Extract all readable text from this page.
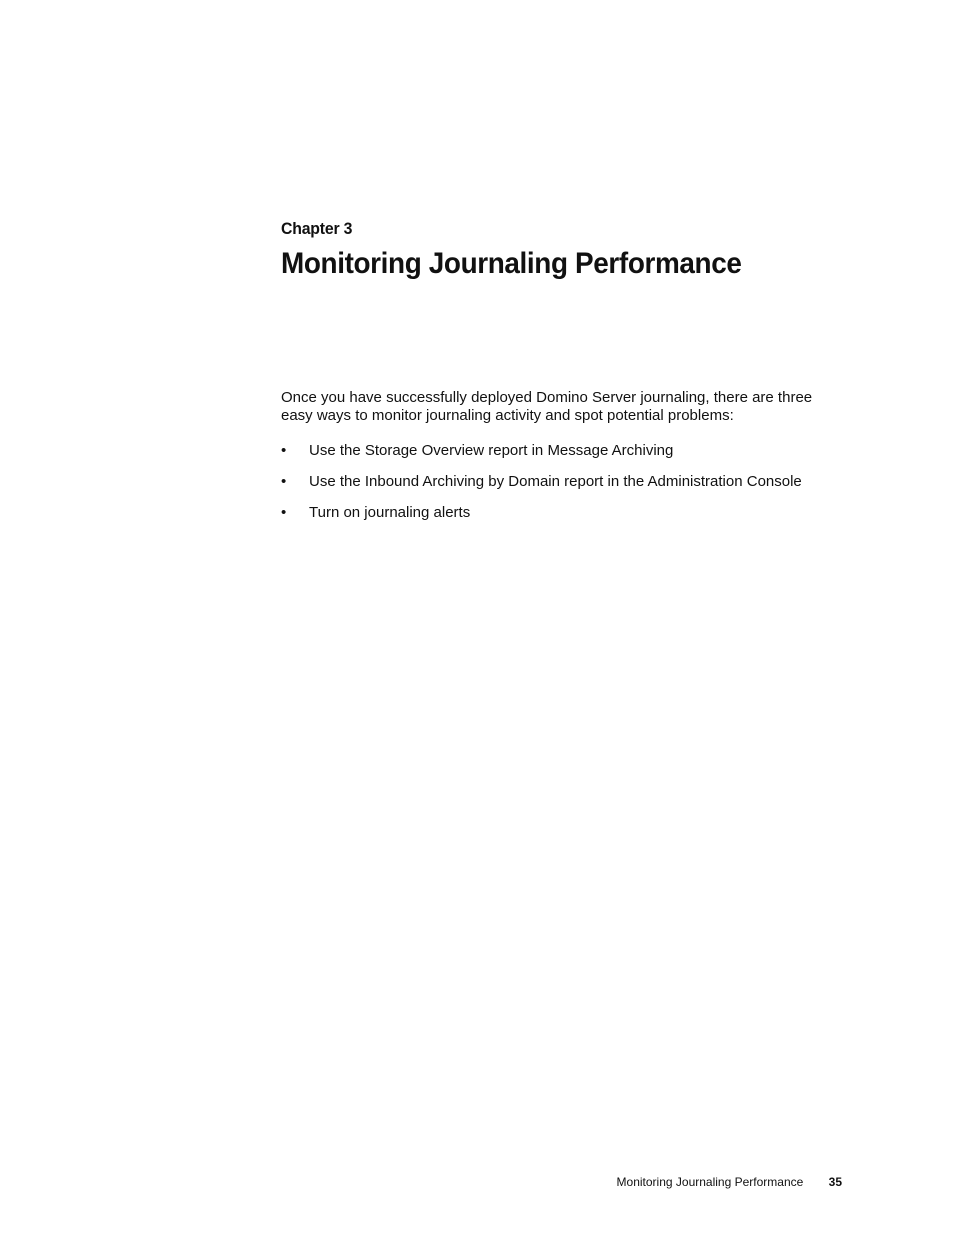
Chapter 3
Monitoring Journaling Performance

Once you have successfully deployed Domino Server journaling, there are three easy ways to monitor journaling activity and spot potential problems:

•	Use the Storage Overview report in Message Archiving
•	Use the Inbound Archiving by Domain report in the Administration Console
•	Turn on journaling alerts
Monitoring Journaling Performance 35
